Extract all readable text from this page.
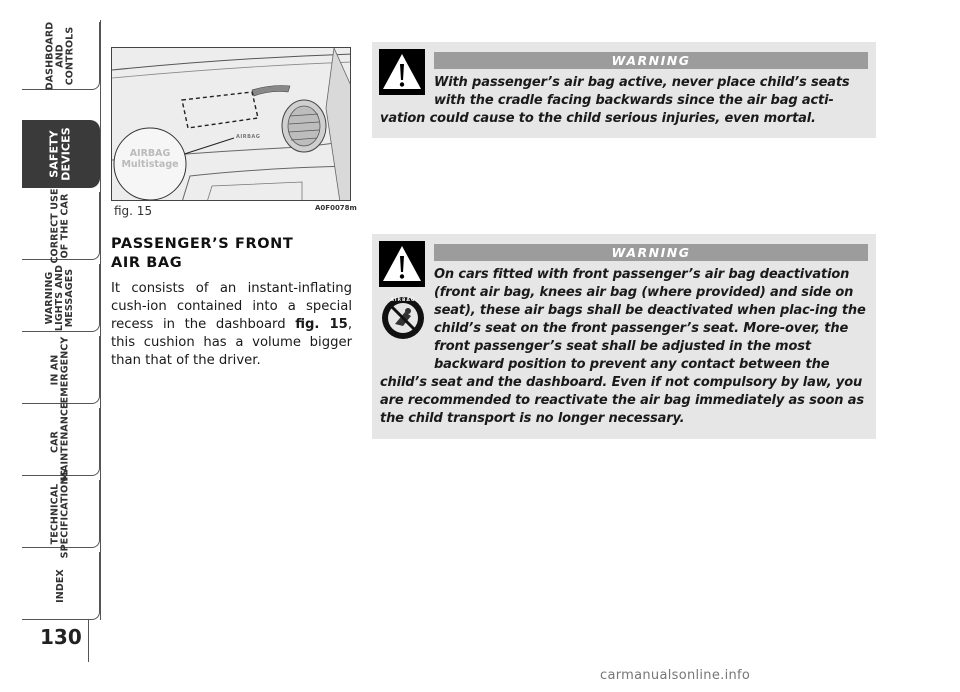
DASHBOARD
AND
CONTROLS
SAFETY
DEVICES
CORRECT USE
OF THE CAR
WARNING
LIGHTS AND
MESSAGES
IN AN
EMERGENCY
CAR
MAINTENANCE
TECHNICAL
SPECIFICATIONS
INDEX
130
AIRBAG
Multistage
AIRBAG
fig. 15	A0F0078m
PASSENGER’S FRONT
AIR BAG
It consists of an instant-inflating cush-ion contained into a special recess in the dashboard fig. 15, this cushion has a volume bigger than that of the driver.
WARNING
With passenger’s air bag active, never place child’s seats with the cradle facing backwards since the air bag acti-vation could cause to the child serious injuries, even mortal.
AIRBAG
WARNING
On cars fitted with front passenger’s air bag deactivation (front air bag, knees air bag (where provided) and side on seat), these air bags shall be deactivated when plac-ing the child’s seat on the front passenger’s seat. More-over, the front passenger’s seat shall be adjusted in the most backward position to prevent any contact between the child’s seat and the dashboard. Even if not compulsory by law, you are recommended to reactivate the air bag immediately as soon as the child transport is no longer necessary.
carmanualsonline.info
